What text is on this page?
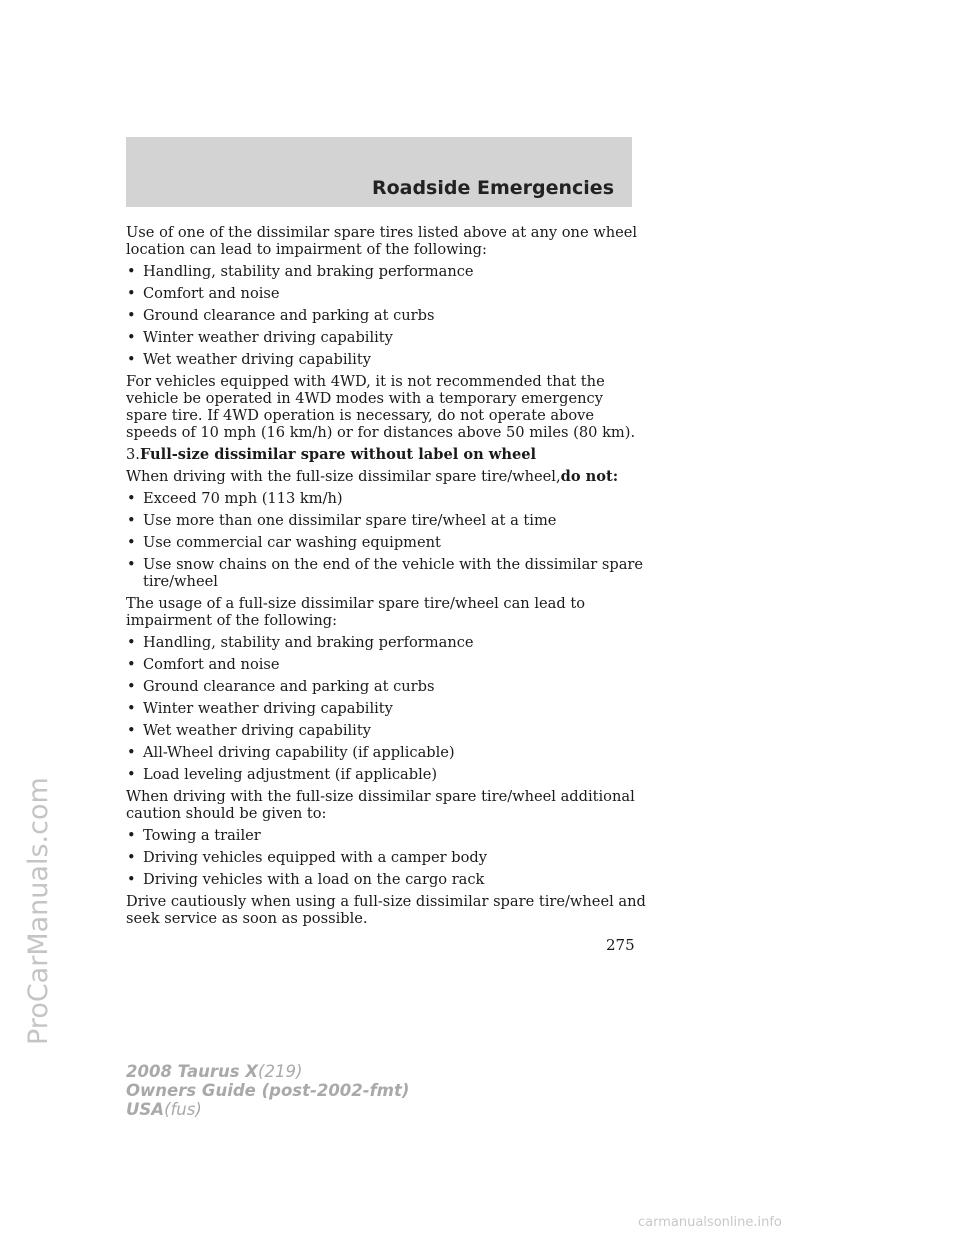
Roadside Emergencies
ProCarManuals.com

Use of one of the dissimilar spare tires listed above at any one wheel location can lead to impairment of the following:

• Handling, stability and braking performance
• Comfort and noise
• Ground clearance and parking at curbs
• Winter weather driving capability
• Wet weather driving capability

For vehicles equipped with 4WD, it is not recommended that the vehicle be operated in 4WD modes with a temporary emergency spare tire. If 4WD operation is necessary, do not operate above speeds of 10 mph (16 km/h) or for distances above 50 miles (80 km).

3.Full-size dissimilar spare without label on wheel

When driving with the full-size dissimilar spare tire/wheel,do not:

• Exceed 70 mph (113 km/h)
• Use more than one dissimilar spare tire/wheel at a time
• Use commercial car washing equipment
• Use snow chains on the end of the vehicle with the dissimilar spare tire/wheel

The usage of a full-size dissimilar spare tire/wheel can lead to impairment of the following:

• Handling, stability and braking performance
• Comfort and noise
• Ground clearance and parking at curbs
• Winter weather driving capability
• Wet weather driving capability
• All-Wheel driving capability (if applicable)
• Load leveling adjustment (if applicable)

When driving with the full-size dissimilar spare tire/wheel additional caution should be given to:

• Towing a trailer
• Driving vehicles equipped with a camper body
• Driving vehicles with a load on the cargo rack

Drive cautiously when using a full-size dissimilar spare tire/wheel and seek service as soon as possible.

275

2008 Taurus X(219)
Owners Guide (post-2002-fmt)
USA(fus)

carmanualsonline.info
